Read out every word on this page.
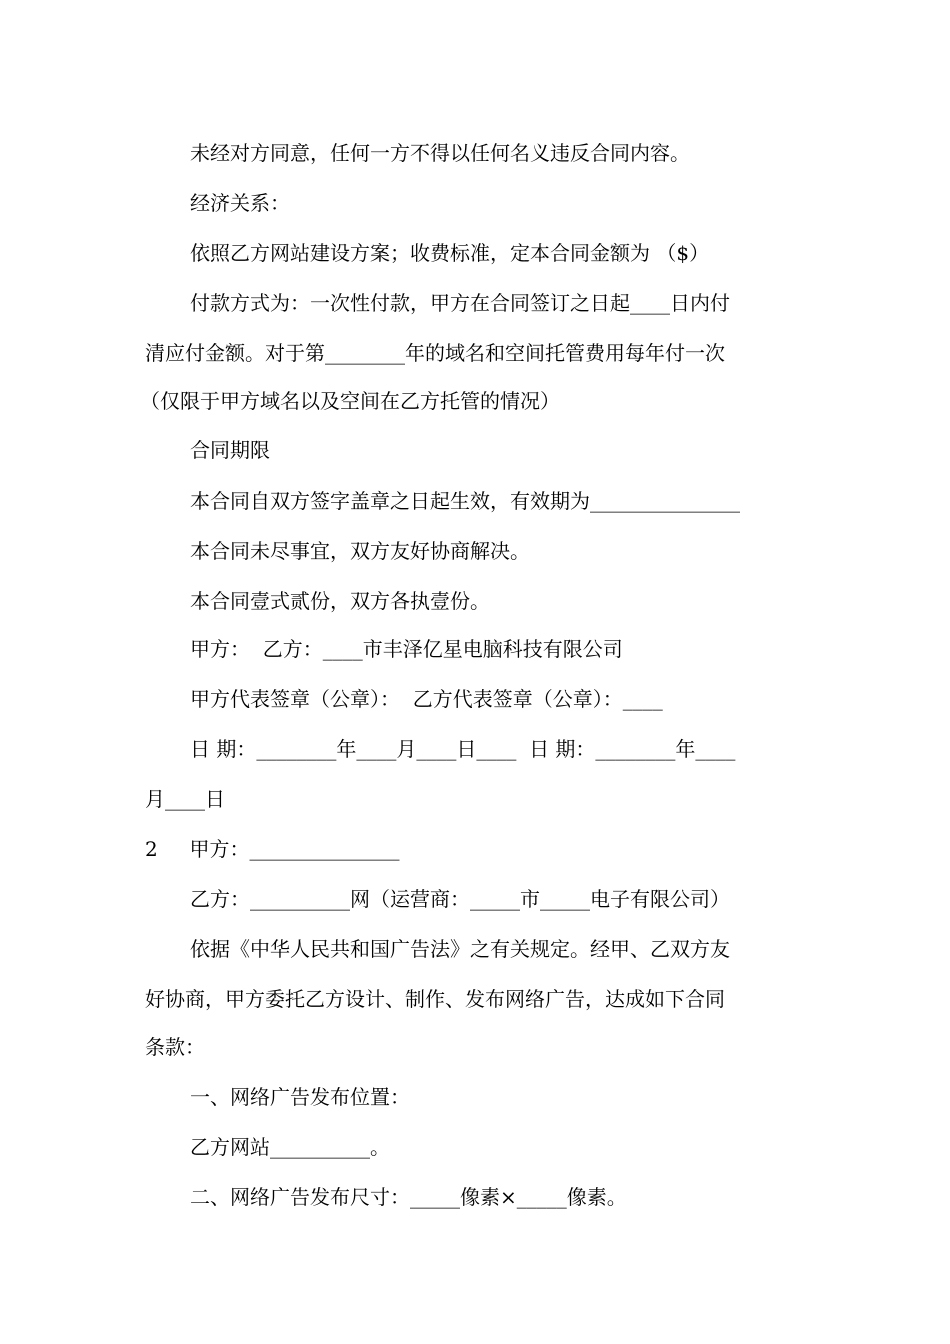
未经对方同意，任何一方不得以任何名义违反合同内容。

经济关系：

依照乙方网站建设方案；收费标准，定本合同金额为 （$）

付款方式为：一次性付款，甲方在合同签订之日起____日内付

清应付金额。对于第________年的域名和空间托管费用每年付一次

（仅限于甲方域名以及空间在乙方托管的情况）

合同期限

本合同自双方签字盖章之日起生效，有效期为_______________

本合同未尽事宜，双方友好协商解决。

本合同壹式贰份，双方各执壹份。

甲方：  乙方：____市丰泽亿星电脑科技有限公司

甲方代表签章（公章）：  乙方代表签章（公章）：____

日 期：________年____月____日____  日 期：________年____

月____日

2     甲方：_______________

乙方：__________网（运营商：_____市_____电子有限公司）

依据《中华人民共和国广告法》之有关规定。经甲、乙双方友

好协商，甲方委托乙方设计、制作、发布网络广告，达成如下合同

条款：

一、网络广告发布位置：

乙方网站__________。

二、网络广告发布尺寸：_____像素×_____像素。
